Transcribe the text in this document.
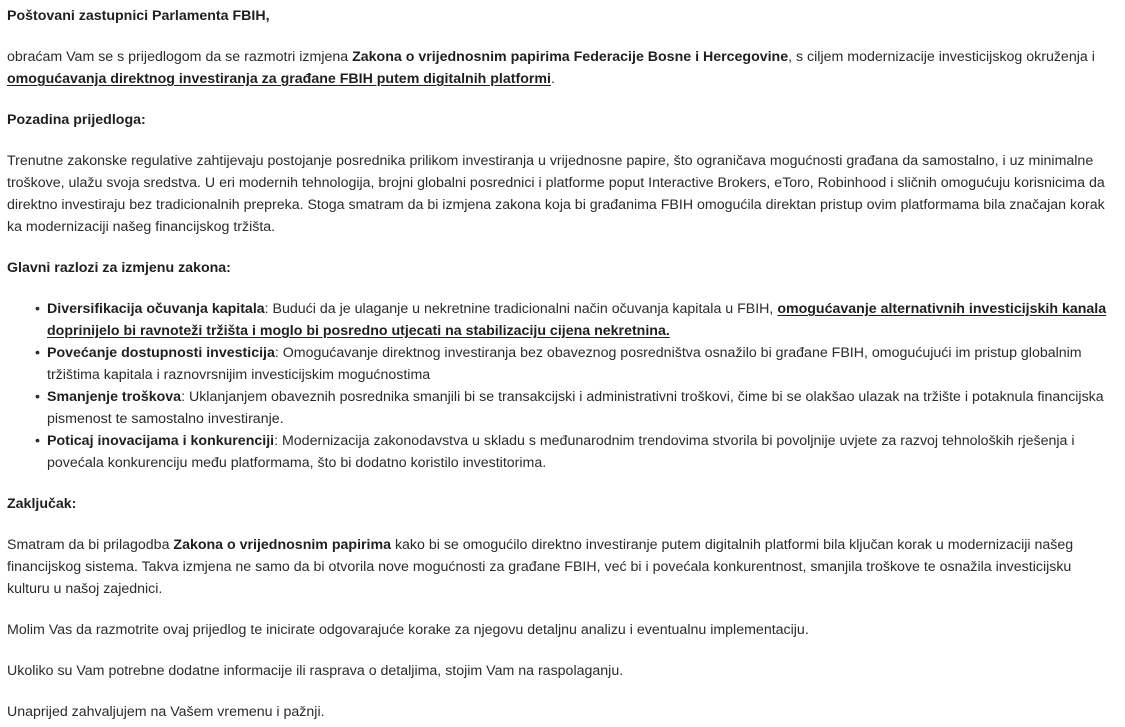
Poštovani zastupnici Parlamenta FBIH,

obraćam Vam se s prijedlogom da se razmotri izmjena Zakona o vrijednosnim papirima Federacije Bosne i Hercegovine, s ciljem modernizacije investicijskog okruženja i omogućavanja direktnog investiranja za građane FBIH putem digitalnih platformi.

Pozadina prijedloga:

Trenutne zakonske regulative zahtijevaju postojanje posrednika prilikom investiranja u vrijednosne papire, što ograničava mogućnosti građana da samostalno, i uz minimalne troškove, ulažu svoja sredstva. U eri modernih tehnologija, brojni globalni posrednici i platforme poput Interactive Brokers, eToro, Robinhood i sličnih omogućuju korisnicima da direktno investiraju bez tradicionalnih prepreka. Stoga smatram da bi izmjena zakona koja bi građanima FBIH omogućila direktan pristup ovim platformama bila značajan korak ka modernizaciji našeg financijskog tržišta.

Glavni razlozi za izmjenu zakona:

• Diversifikacija očuvanja kapitala: Budući da je ulaganje u nekretnine tradicionalni način očuvanja kapitala u FBIH, omogućavanje alternativnih investicijskih kanala doprinijelo bi ravnoteži tržišta i moglo bi posredno utjecati na stabilizaciju cijena nekretnina.
• Povećanje dostupnosti investicija: Omogućavanje direktnog investiranja bez obaveznog posredništva osnažilo bi građane FBIH, omogućujući im pristup globalnim tržištima kapitala i raznovrsnijim investicijskim mogućnostima
• Smanjenje troškova: Uklanjanjem obaveznih posrednika smanjili bi se transakcijski i administrativni troškovi, čime bi se olakšao ulazak na tržište i potaknula financijska pismenost te samostalno investiranje.
• Poticaj inovacijama i konkurenciji: Modernizacija zakonodavstva u skladu s međunarodnim trendovima stvorila bi povoljnije uvjete za razvoj tehnoloških rješenja i povećala konkurenciju među platformama, što bi dodatno koristilo investitorima.

Zaključak:

Smatram da bi prilagodba Zakona o vrijednosnim papirima kako bi se omogućilo direktno investiranje putem digitalnih platformi bila ključan korak u modernizaciji našeg financijskog sistema. Takva izmjena ne samo da bi otvorila nove mogućnosti za građane FBIH, već bi i povećala konkurentnost, smanjila troškove te osnažila investicijsku kulturu u našoj zajednici.

Molim Vas da razmotrite ovaj prijedlog te inicirate odgovarajuće korake za njegovu detaljnu analizu i eventualnu implementaciju.

Ukoliko su Vam potrebne dodatne informacije ili rasprava o detaljima, stojim Vam na raspolaganju.

Unaprijed zahvaljujem na Vašem vremenu i pažnji.
